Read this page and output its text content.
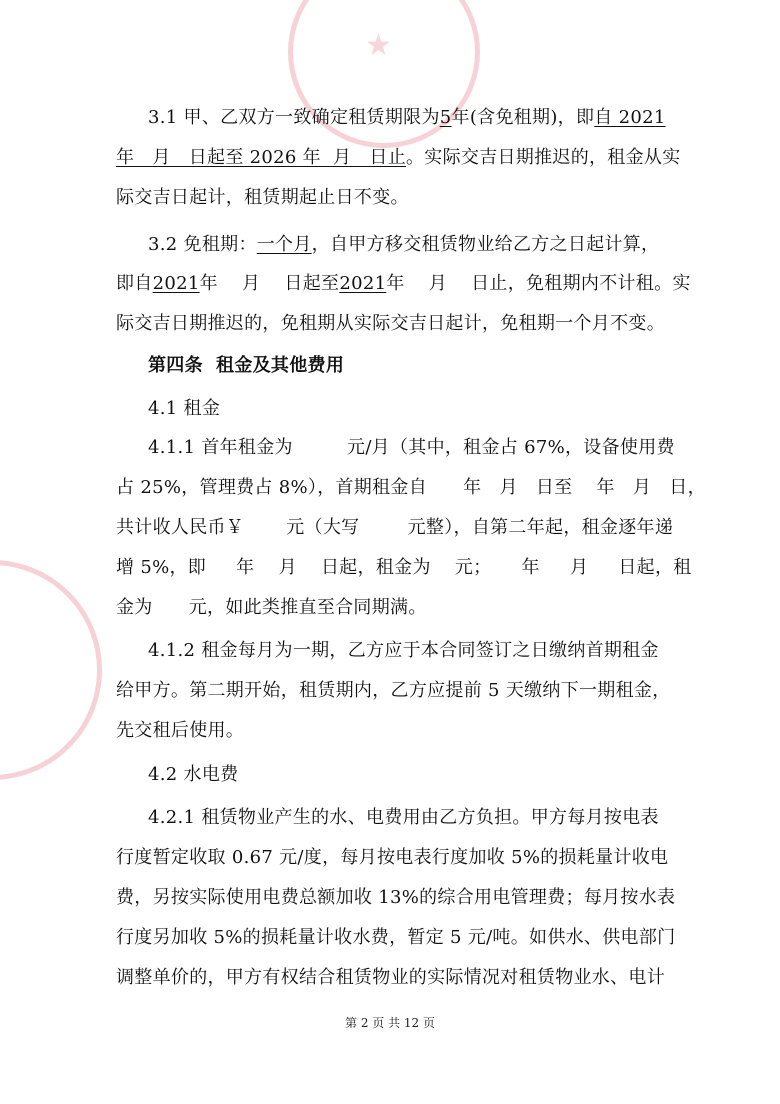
★
3.1 甲、乙双方一致确定租赁期限为5年(含免租期)，即自 2021
年   月   日起至 2026 年  月   日止。实际交吉日期推迟的，租金从实
际交吉日起计，租赁期起止日不变。
3.2 免租期：一个月，自甲方移交租赁物业给乙方之日起计算，
即自2021年    月    日起至2021年    月    日止，免租期内不计租。实
际交吉日期推迟的，免租期从实际交吉日起计，免租期一个月不变。
第四条  租金及其他费用
4.1 租金
4.1.1 首年租金为         元/月（其中，租金占 67%，设备使用费
占 25%，管理费占 8%），首期租金自      年   月   日至    年   月   日，
共计收人民币￥       元（大写        元整），自第二年起，租金逐年递
增 5%，即     年    月    日起，租金为    元；     年     月     日起，租
金为      元，如此类推直至合同期满。
4.1.2 租金每月为一期，乙方应于本合同签订之日缴纳首期租金
给甲方。第二期开始，租赁期内，乙方应提前 5 天缴纳下一期租金，
先交租后使用。
4.2 水电费
4.2.1 租赁物业产生的水、电费用由乙方负担。甲方每月按电表
行度暂定收取 0.67 元/度，每月按电表行度加收 5%的损耗量计收电
费，另按实际使用电费总额加收 13%的综合用电管理费；每月按水表
行度另加收 5%的损耗量计收水费，暂定 5 元/吨。如供水、供电部门
调整单价的，甲方有权结合租赁物业的实际情况对租赁物业水、电计
第 2 页 共 12 页
